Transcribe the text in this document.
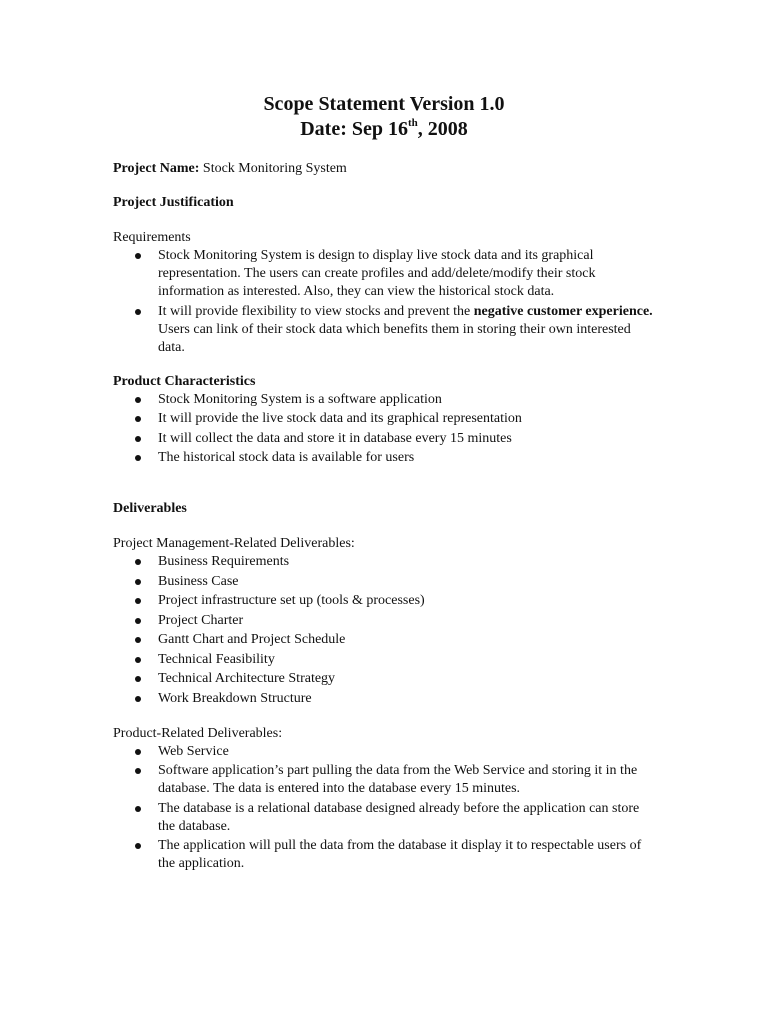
Scope Statement Version 1.0
Date: Sep 16th, 2008

Project Name: Stock Monitoring System

Project Justification

Requirements

Stock Monitoring System is design to display live stock data and its graphical representation. The users can create profiles and add/delete/modify their stock information as interested. Also, they can view the historical stock data.
It will provide flexibility to view stocks and prevent the negative customer experience. Users can link of their stock data which benefits them in storing their own interested data.

Product Characteristics

Stock Monitoring System is a software application
It will provide the live stock data and its graphical representation
It will collect the data and store it in database every 15 minutes
The historical stock data is available for users

Deliverables

Project Management-Related Deliverables:

Business Requirements
Business Case
Project infrastructure set up (tools & processes)
Project Charter
Gantt Chart and Project Schedule
Technical Feasibility
Technical Architecture Strategy
Work Breakdown Structure

Product-Related Deliverables:

Web Service
Software application’s part pulling the data from the Web Service and storing it in the database. The data is entered into the database every 15 minutes.
The database is a relational database designed already before the application can store the database.
The application will pull the data from the database it display it to respectable users of the application.
